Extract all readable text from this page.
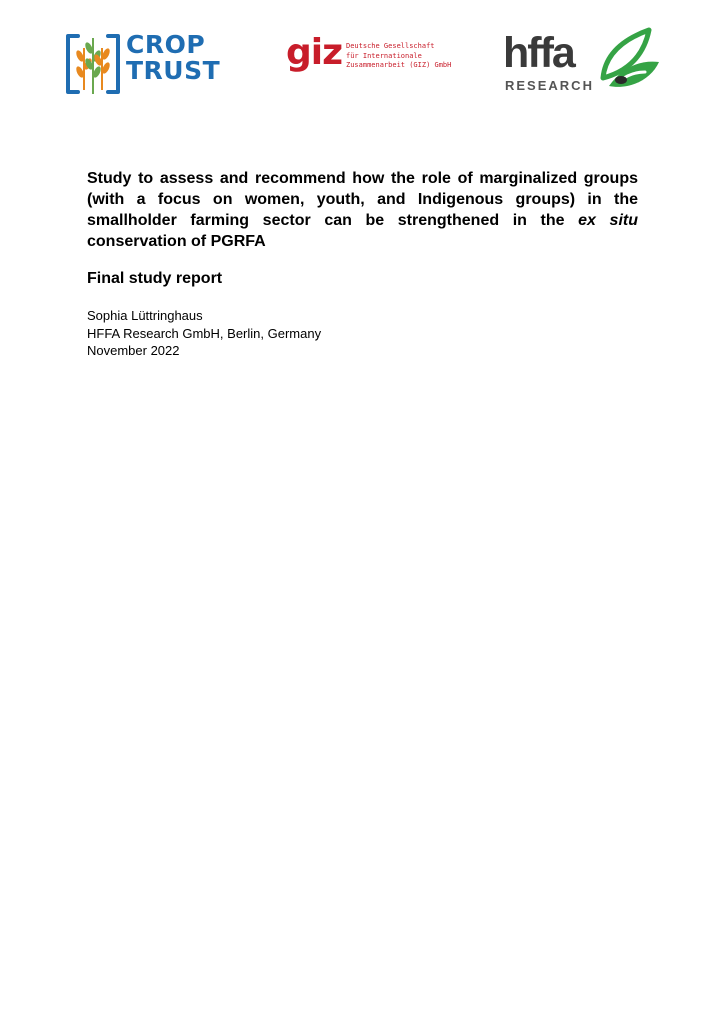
CROP
TRUST giz Deutsche Gesellschaft
für Internationale
Zusammenarbeit (GIZ) GmbH hffa
RESEARCH

Study to assess and recommend how the role of marginalized groups (with a focus on women, youth, and Indigenous groups) in the smallholder farming sector can be strengthened in the ex situ conservation of PGRFA

Final study report

Sophia Lüttringhaus
HFFA Research GmbH, Berlin, Germany
November 2022
